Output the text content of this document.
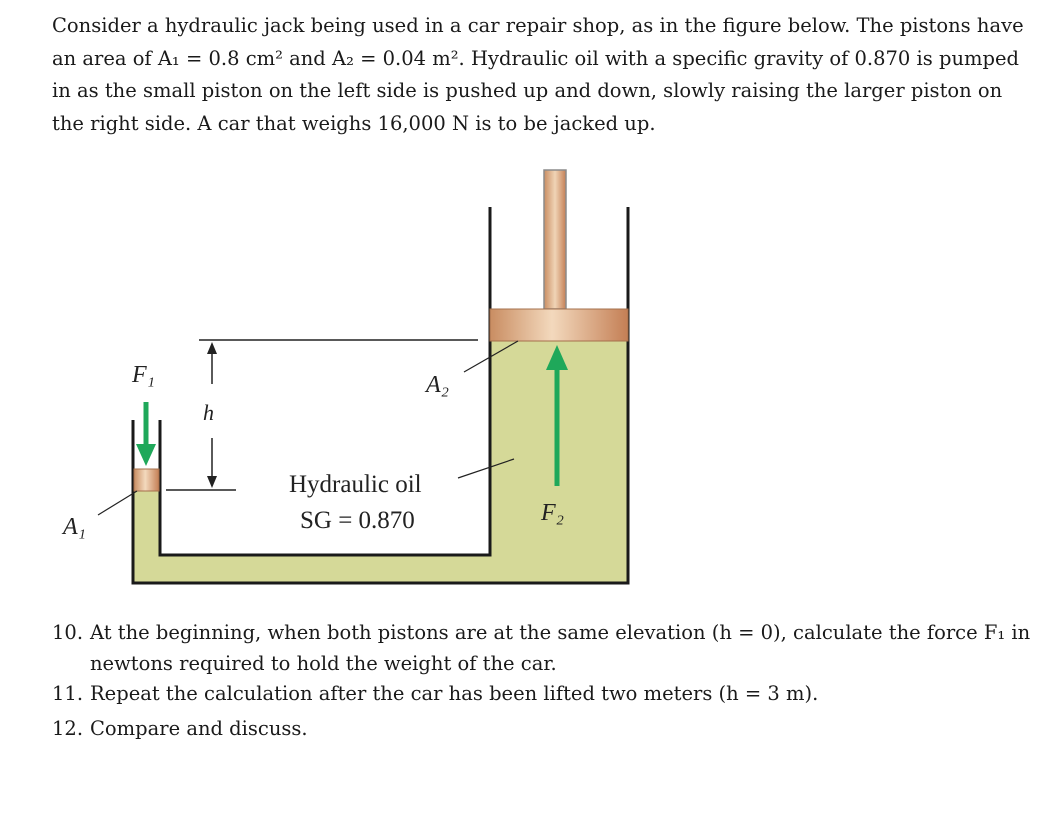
Consider a hydraulic jack being used in a car repair shop, as in the figure below. The pistons have
an area of A₁ = 0.8 cm² and A₂ = 0.04 m². Hydraulic oil with a specific gravity of 0.870 is pumped
in as the small piston on the left side is pushed up and down, slowly raising the larger piston on
the right side. A car that weighs 16,000 N is to be jacked up.
F₁
F₂
A₁
A₂
h
Hydraulic oil
SG = 0.870
10. At the beginning, when both pistons are at the same elevation (h = 0), calculate the force F₁ in
newtons required to hold the weight of the car.
11. Repeat the calculation after the car has been lifted two meters (h = 3 m).
12. Compare and discuss.
